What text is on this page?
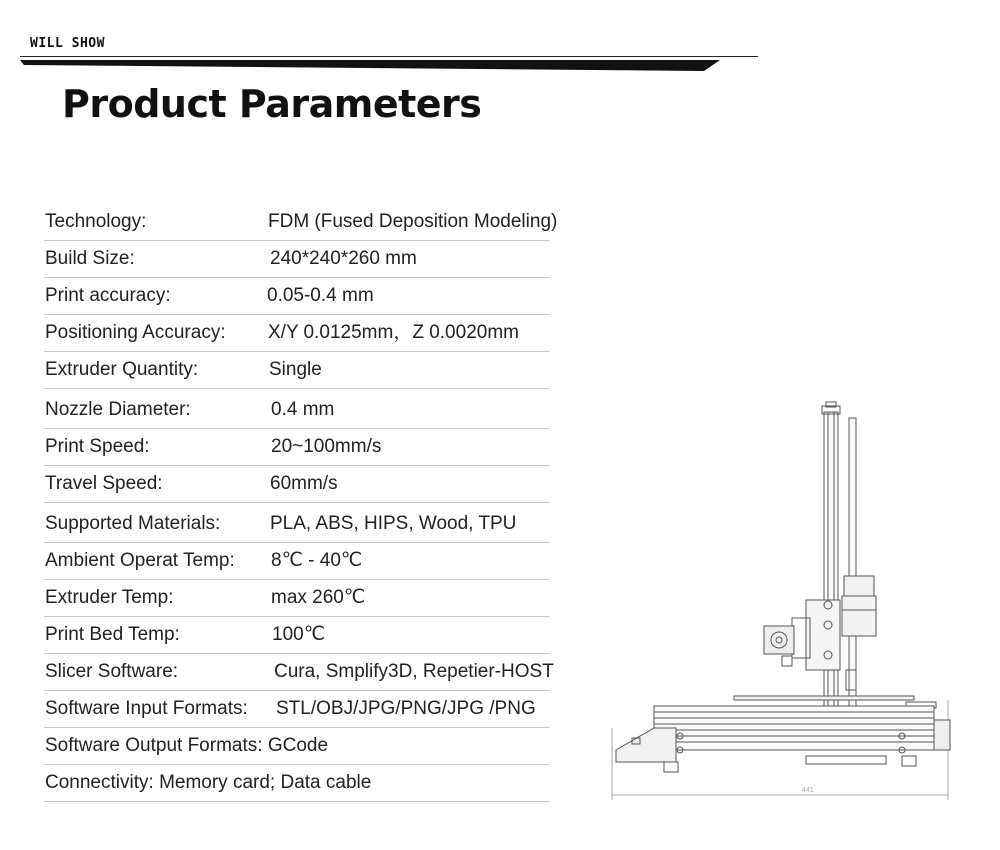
WILL SHOW
Product Parameters
Technology:	FDM (Fused Deposition Modeling)
Build Size:	240*240*260 mm
Print accuracy:	0.05-0.4 mm
Positioning Accuracy: X/Y 0.0125mm，Z 0.0020mm
Extruder Quantity:	Single
Nozzle Diameter:	0.4 mm
Print Speed:	20~100mm/s
Travel Speed:	60mm/s
Supported Materials:	PLA, ABS, HIPS, Wood, TPU
Ambient Operat Temp: 8℃ - 40℃
Extruder Temp:	max 260℃
Print Bed Temp:	100℃
Slicer Software:	Cura, Smplify3D, Repetier-HOST
Software Input Formats: STL/OBJ/JPG/PNG/JPG /PNG
Software Output Formats: GCode
Connectivity: Memory card; Data cable	441
